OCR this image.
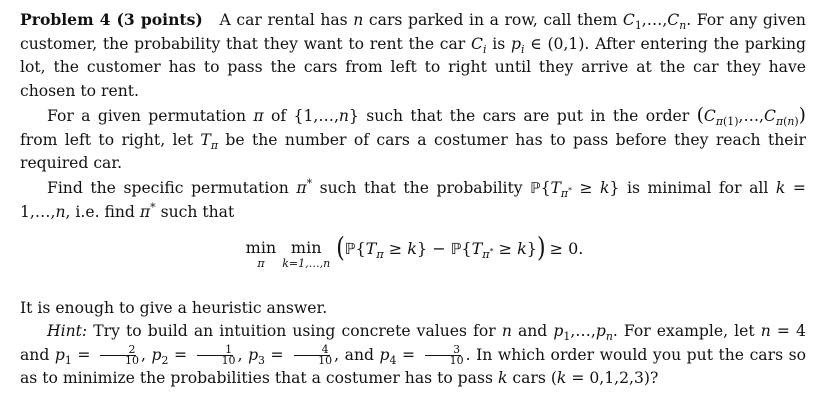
Problem 4 (3 points) A car rental has n cars parked in a row, call them $C_1,\dots,C_n$. For any given customer, the probability that they want to rent the car $C_i$ is $p_i$ ∈ (0,1). After entering the parking lot, the customer has to pass the cars from left to right until they arrive at the car they have chosen to rent.

For a given permutation π of {1,…,n} such that the cars are put in the order $(C_{\pi(1)},\dots,C_{\pi(n)})$ from left to right, let $T_\pi$ be the number of cars a costumer has to pass before they reach their required car.

Find the specific permutation π* such that the probability $ℙ\{T_{\pi^*} \ge k\}$ is minimal for all k = 1,…,n, i.e. find π* such that

min
π
min
k=1,…,n ( $ℙ\{T_\pi \ge k\}$ − $ℙ\{T_{\pi^*} \ge k\}$ ) ≥ 0.

It is enough to give a heuristic answer.

Hint: Try to build an intuition using concrete values for n and $p_1,\dots,p_n$. For example, let n = 4 and $p_1 = \frac{2}{10}$ , $p_2 = \frac{1}{10}$ , $p_3 = \frac{4}{10}$ , and $p_4 = \frac{3}{10}$ . In which order would you put the cars so as to minimize the probabilities that a costumer has to pass k cars (k = 0,1,2,3)?
